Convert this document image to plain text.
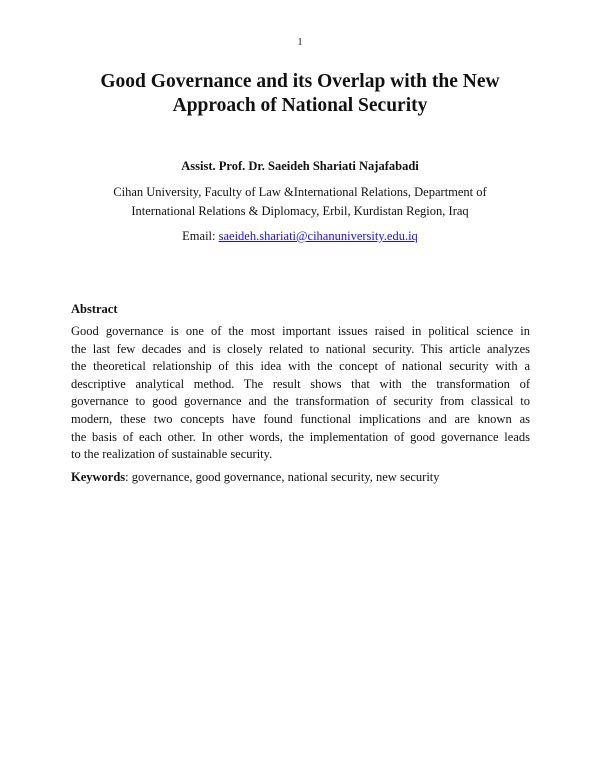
1
Good Governance and its Overlap with the New
Approach of National Security
Assist. Prof. Dr. Saeideh Shariati Najafabadi
Cihan University, Faculty of Law &International Relations, Department of
International Relations & Diplomacy, Erbil, Kurdistan Region, Iraq
Email: saeideh.shariati@cihanuniversity.edu.iq
Abstract
Good governance is one of the most important issues raised in political science in
the last few decades and is closely related to national security. This article analyzes
the theoretical relationship of this idea with the concept of national security with a
descriptive analytical method. The result shows that with the transformation of
governance to good governance and the transformation of security from classical to
modern, these two concepts have found functional implications and are known as
the basis of each other. In other words, the implementation of good governance leads
to the realization of sustainable security.
Keywords: governance, good governance, national security, new security
